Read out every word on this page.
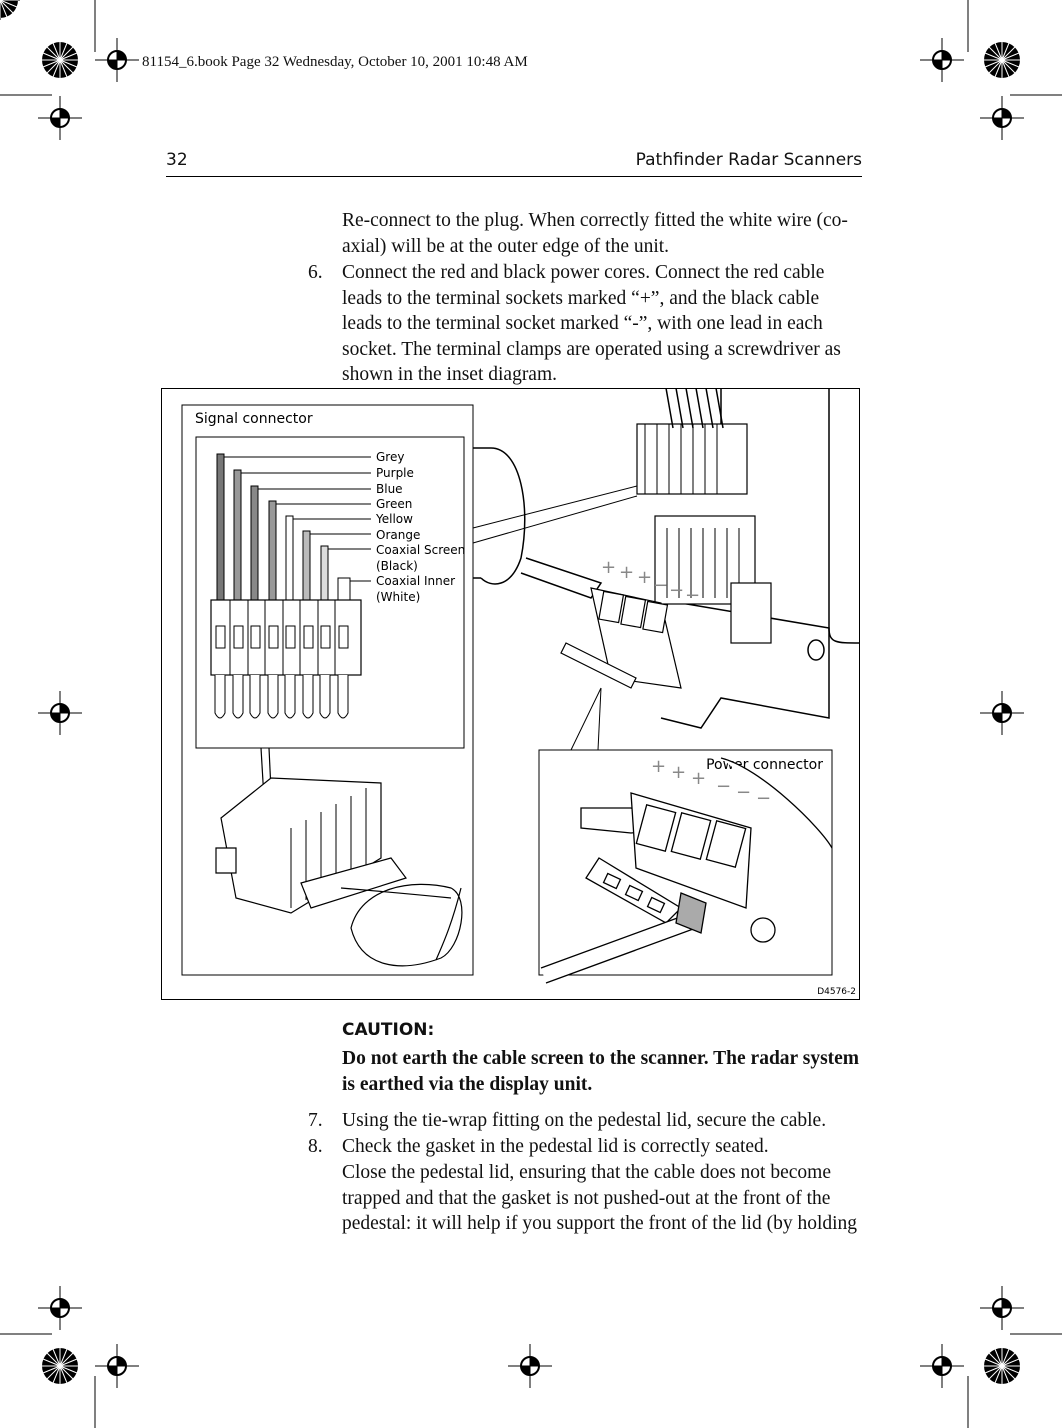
81154_6.book Page 32 Wednesday, October 10, 2001 10:48 AM
32	Pathfinder Radar Scanners
Re-connect to the plug. When correctly fitted the white wire (co-axial) will be at the outer edge of the unit.
6. Connect the red and black power cores. Connect the red cable leads to the terminal sockets marked “+”, and the black cable leads to the terminal socket marked “-”, with one lead in each socket. The terminal clamps are operated using a screwdriver as shown in the inset diagram.
+ + + − − −
Signal connector
Grey
Purple
Blue
Green
Yellow
Orange
Coaxial Screen
(Black)
Coaxial Inner
(White)
Power connector
+ + + − − −
D4576-2
CAUTION:
Do not earth the cable screen to the scanner. The radar system is earthed via the display unit.
7. Using the tie-wrap fitting on the pedestal lid, secure the cable.
8. Check the gasket in the pedestal lid is correctly seated.
Close the pedestal lid, ensuring that the cable does not become trapped and that the gasket is not pushed-out at the front of the pedestal: it will help if you support the front of the lid (by holding
